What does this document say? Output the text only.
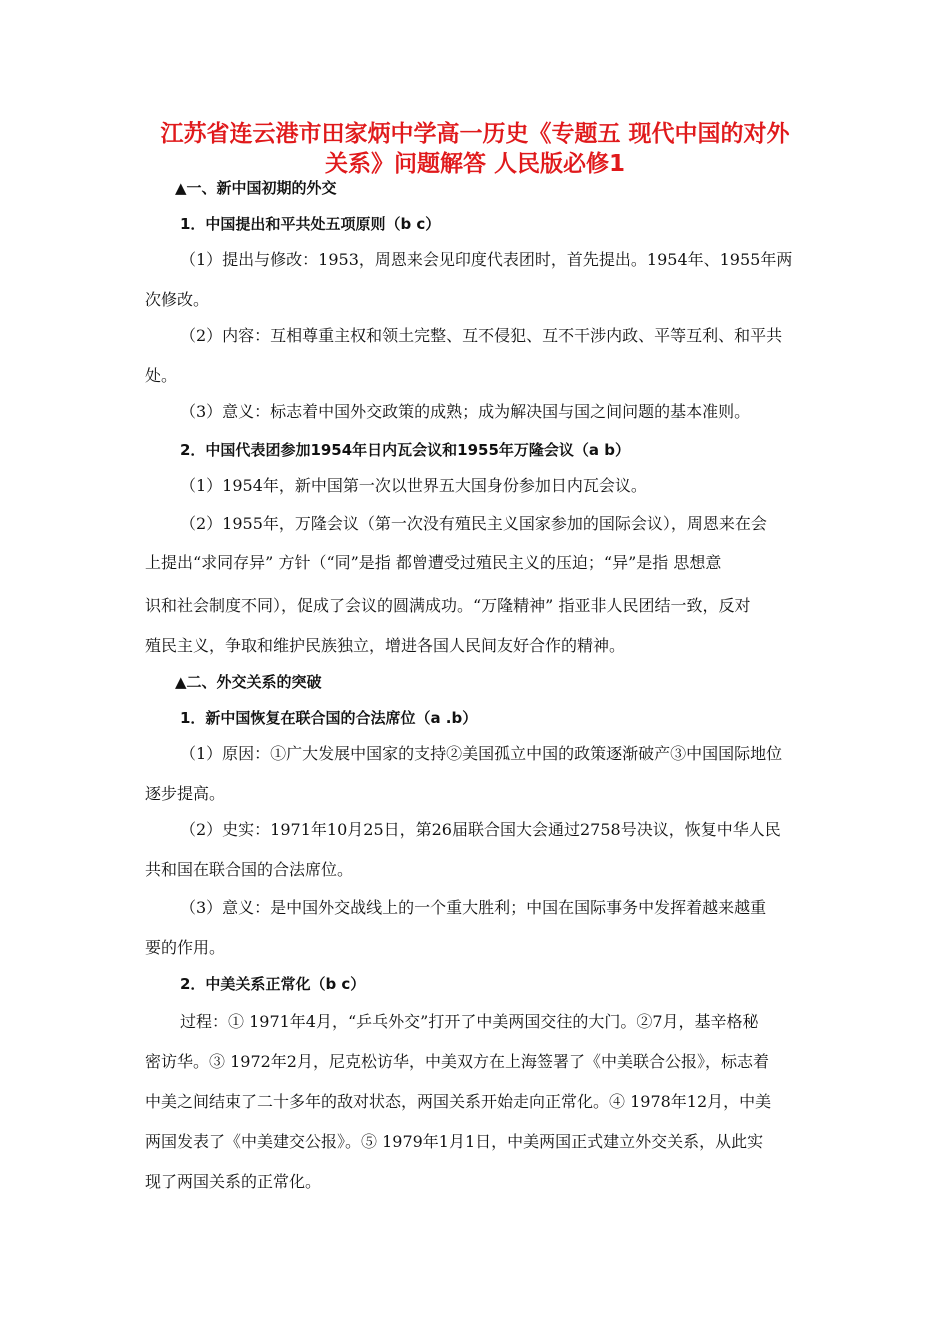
江苏省连云港市田家炳中学高一历史《专题五 现代中国的对外
关系》问题解答 人民版必修1
▲一、新中国初期的外交
1．中国提出和平共处五项原则（b c）
（1）提出与修改：1953，周恩来会见印度代表团时，首先提出。1954年、1955年两
次修改。
（2）内容：互相尊重主权和领土完整、互不侵犯、互不干涉内政、平等互利、和平共
处。
（3）意义：标志着中国外交政策的成熟；成为解决国与国之间问题的基本准则。
2．中国代表团参加1954年日内瓦会议和1955年万隆会议（a b）
（1）1954年，新中国第一次以世界五大国身份参加日内瓦会议。
（2）1955年，万隆会议（第一次没有殖民主义国家参加的国际会议），周恩来在会
上提出“求同存异” 方针（“同”是指 都曾遭受过殖民主义的压迫；“异”是指 思想意
识和社会制度不同），促成了会议的圆满成功。“万隆精神” 指亚非人民团结一致，反对
殖民主义，争取和维护民族独立，增进各国人民间友好合作的精神。
▲二、外交关系的突破
1．新中国恢复在联合国的合法席位（a .b）
（1）原因：①广大发展中国家的支持②美国孤立中国的政策逐渐破产③中国国际地位
逐步提高。
（2）史实：1971年10月25日，第26届联合国大会通过2758号决议，恢复中华人民
共和国在联合国的合法席位。
（3）意义：是中国外交战线上的一个重大胜利；中国在国际事务中发挥着越来越重
要的作用。
2．中美关系正常化（b c）
过程：① 1971年4月，“乒乓外交”打开了中美两国交往的大门。②7月，基辛格秘
密访华。③ 1972年2月，尼克松访华，中美双方在上海签署了《中美联合公报》，标志着
中美之间结束了二十多年的敌对状态，两国关系开始走向正常化。④ 1978年12月，中美
两国发表了《中美建交公报》。⑤ 1979年1月1日，中美两国正式建立外交关系，从此实
现了两国关系的正常化。
